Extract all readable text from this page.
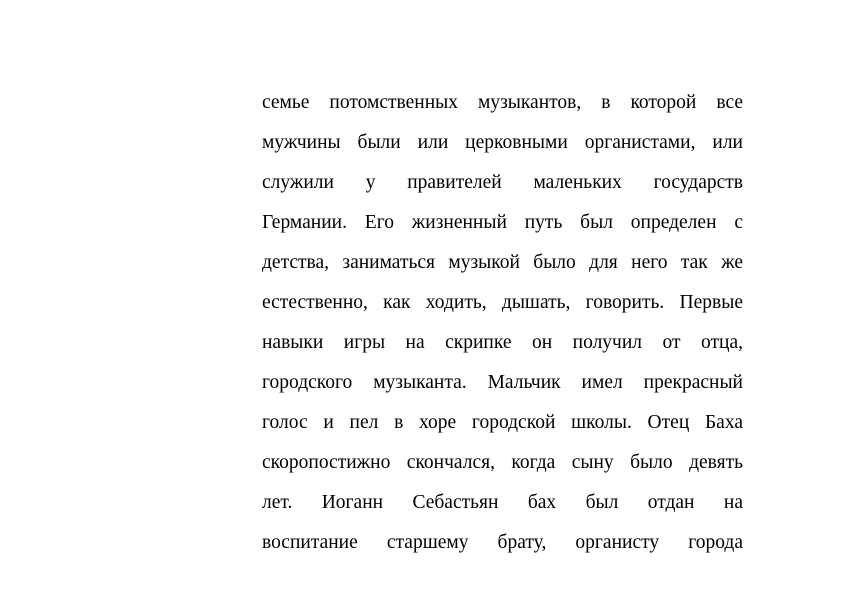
семье потомственных музыкантов, в которой все
мужчины были или церковными органистами, или
служили у правителей маленьких государств
Германии. Его жизненный путь был определен с
детства, заниматься музыкой было для него так же
естественно, как ходить, дышать, говорить. Первые
навыки игры на скрипке он получил от отца,
городского музыканта. Мальчик имел прекрасный
голос и пел в хоре городской школы. Отец Баха
скоропостижно скончался, когда сыну было девять
лет. Иоганн Себастьян бах был отдан на
воспитание старшему брату, органисту города
